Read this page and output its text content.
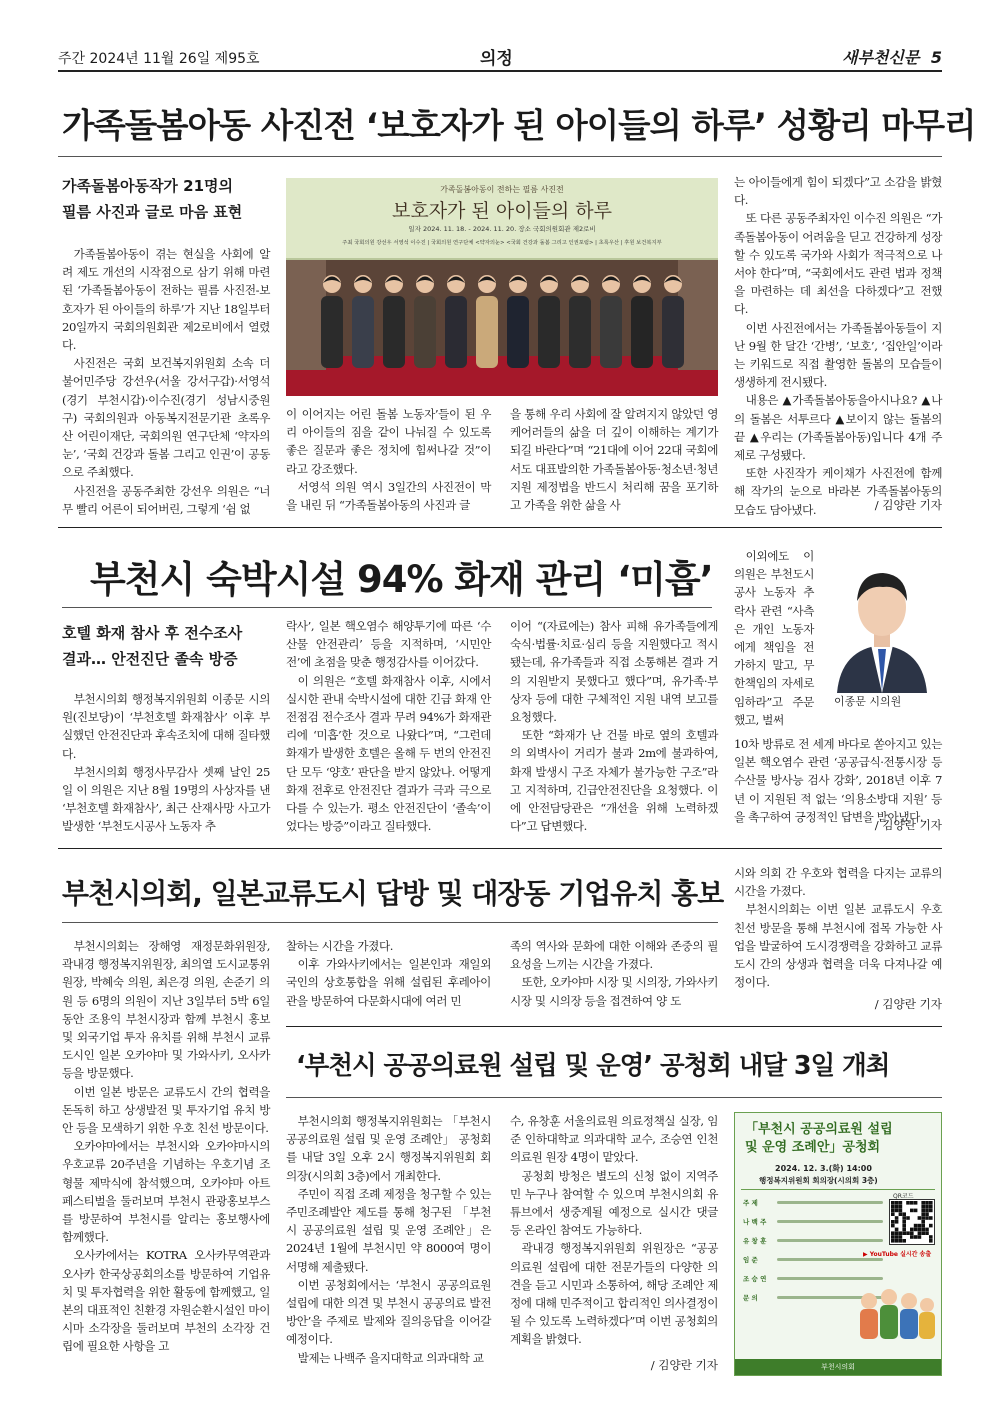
주간 2024년 11월 26일 제95호	의정	새부천신문 5
가족돌봄아동 사진전 ‘보호자가 된 아이들의 하루’ 성황리 마무리
가족돌봄아동작가 21명의
필름 사진과 글로 마음 표현

가족돌봄아동이 겪는 현실을 사회에 알려 제도 개선의 시작점으로 삼기 위해 마련된 ‘가족돌봄아동이 전하는 필름 사진전-보호자가 된 아이들의 하루’가 지난 18일부터 20일까지 국회의원회관 제2로비에서 열렸다.

사진전은 국회 보건복지위원회 소속 더불어민주당 강선우(서울 강서구갑)·서영석(경기 부천시갑)·이수진(경기 성남시중원구) 국회의원과 아동복지전문기관 초록우산 어린이재단, 국회의원 연구단체 ‘약자의눈’, ‘국회 건강과 돌봄 그리고 인권’이 공동으로 주최했다.

사진전을 공동주최한 강선우 의원은 “너무 빨리 어른이 되어버린, 그렇게 ‘쉼 없

가족돌봄아동이 전하는 필름 사진전
보호자가 된 아이들의 하루
일자 2024. 11. 18. - 2024. 11. 20. 장소 국회의원회관 제2로비
주최 국회의원 강선우 서영석 이수진 | 국회의원 연구단체 <약자의눈> <국회 건강과 돌봄 그리고 인권포럼> | 초록우산 | 후원 보건복지부

이 이어지는 어린 돌봄 노동자’들이 된 우리 아이들의 짐을 같이 나눠질 수 있도록 좋은 질문과 좋은 정치에 힘써나갈 것”이라고 강조했다.

서영석 의원 역시 3일간의 사진전이 막을 내린 뒤 “가족돌봄아동의 사진과 글

을 통해 우리 사회에 잘 알려지지 않았던 영케어러들의 삶을 더 깊이 이해하는 계기가 되길 바란다”며 “21대에 이어 22대 국회에서도 대표발의한 가족돌봄아동·청소년·청년 지원 제정법을 반드시 처리해 꿈을 포기하고 가족을 위한 삶을 사

는 아이들에게 힘이 되겠다”고 소감을 밝혔다.

또 다른 공동주최자인 이수진 의원은 “가족돌봄아동이 어려움을 딛고 건강하게 성장할 수 있도록 국가와 사회가 적극적으로 나서야 한다”며, “국회에서도 관련 법과 정책을 마련하는 데 최선을 다하겠다”고 전했다.

이번 사진전에서는 가족돌봄아동들이 지난 9월 한 달간 ‘간병’, ‘보호’, ‘집안일’이라는 키워드로 직접 촬영한 돌봄의 모습들이 생생하게 전시됐다.

내용은 ▲가족돌봄아동을아시나요? ▲나의 돌봄은 서투르다 ▲보이지 않는 돌봄의 끝 ▲우리는 (가족돌봄아동)입니다 4개 주제로 구성됐다.

또한 사진작가 케이채가 사진전에 함께 해 작가의 눈으로 바라본 가족돌봄아동의 모습도 담아냈다.	/ 김양란 기자
부천시 숙박시설 94% 화재 관리 ‘미흡’
호텔 화재 참사 후 전수조사
결과… 안전진단 졸속 방증

부천시의회 행정복지위원회 이종문 시의원(진보당)이 ‘부천호텔 화재참사’ 이후 부실했던 안전진단과 후속조치에 대해 질타했다.

부천시의회 행정사무감사 셋째 날인 25일 이 의원은 지난 8월 19명의 사상자를 낸 ‘부천호텔 화재참사’, 최근 산재사망 사고가 발생한 ‘부천도시공사 노동자 추

락사’, 일본 핵오염수 해양투기에 따른 ‘수산물 안전관리’ 등을 지적하며, ‘시민안전’에 초점을 맞춘 행정감사를 이어갔다.

이 의원은 “호텔 화재참사 이후, 시에서 실시한 관내 숙박시설에 대한 긴급 화재 안전점검 전수조사 결과 무려 94%가 화재관리에 ‘미흡’한 것으로 나왔다”며, “그런데 화재가 발생한 호텔은 올해 두 번의 안전진단 모두 ‘양호’ 판단을 받지 않았나. 어떻게 화재 전후로 안전진단 결과가 극과 극으로 다를 수 있는가. 평소 안전진단이 ‘졸속’이었다는 방증”이라고 질타했다.

이어 “(자료에는) 참사 피해 유가족들에게 숙식·법률·치료·심리 등을 지원했다고 적시됐는데, 유가족들과 직접 소통해본 결과 거의 지원받지 못했다고 했다”며, 유가족·부상자 등에 대한 구체적인 지원 내역 보고를 요청했다.

또한 “화재가 난 건물 바로 옆의 호텔과의 외벽사이 거리가 불과 2m에 불과하여, 화재 발생시 구조 자체가 불가능한 구조”라고 지적하며, 긴급안전진단을 요청했다. 이에 안전담당관은 “개선을 위해 노력하겠다”고 답변했다.

이외에도 이 의원은 부천도시공사 노동자 추락사 관련 “사측은 개인 노동자에게 책임을 전가하지 말고, 무한책임의 자세로 임하라”고 주문했고, 벌써

이종문 시의원

10차 방류로 전 세계 바다로 쏟아지고 있는 일본 핵오염수 관련 ‘공공급식·전통시장 등 수산물 방사능 검사 강화’, 2018년 이후 7년 이 지원된 적 없는 ‘의용소방대 지원’ 등을 촉구하여 긍정적인 답변을 받아냈다.

/ 김양란 기자
부천시의회, 일본교류도시 답방 및 대장동 기업유치 홍보

부천시의회는 장해영 재정문화위원장, 곽내경 행정복지위원장, 최의열 도시교통위원장, 박혜숙 의원, 최은경 의원, 손준기 의원 등 6명의 의원이 지난 3일부터 5박 6일 동안 조용익 부천시장과 함께 부천시 홍보 및 외국기업 투자 유치를 위해 부천시 교류도시인 일본 오카야마 및 가와사키, 오사카 등을 방문했다.

이번 일본 방문은 교류도시 간의 협력을 돈독히 하고 상생발전 및 투자기업 유치 방안 등을 모색하기 위한 우호 친선 방문이다.

오카야마에서는 부천시와 오카야마시의 우호교류 20주년을 기념하는 우호기념 조형물 제막식에 참석했으며, 오카야마 아트페스티벌을 둘러보며 부천시 관광홍보부스를 방문하여 부천시를 알리는 홍보행사에 함께했다.

오사카에서는 KOTRA 오사카무역관과 오사카 한국상공회의소를 방문하여 기업유치 및 투자협력을 위한 활동에 함께했고, 일본의 대표적인 친환경 자원순환시설인 마이시마 소각장을 둘러보며 부천의 소각장 건립에 필요한 사항을 고

찰하는 시간을 가졌다.

이후 가와사키에서는 일본인과 재일외국인의 상호통합을 위해 설립된 후레아이관을 방문하여 다문화시대에 여러 민

족의 역사와 문화에 대한 이해와 존중의 필요성을 느끼는 시간을 가졌다.

또한, 오카야마 시장 및 시의장, 가와사키 시장 및 시의장 등을 접견하여 양 도

시와 의회 간 우호와 협력을 다지는 교류의 시간을 가졌다.

부천시의회는 이번 일본 교류도시 우호친선 방문을 통해 부천시에 접목 가능한 사업을 발굴하여 도시경쟁력을 강화하고 교류 도시 간의 상생과 협력을 더욱 다져나갈 예정이다.

/ 김양란 기자
‘부천시 공공의료원 설립 및 운영’ 공청회 내달 3일 개최

부천시의회 행정복지위원회는 「부천시 공공의료원 설립 및 운영 조례안」 공청회를 내달 3일 오후 2시 행정복지위원회 회의장(시의회 3층)에서 개최한다.

주민이 직접 조례 제정을 청구할 수 있는 주민조례발안 제도를 통해 청구된 「부천시 공공의료원 설립 및 운영 조례안」은 2024년 1월에 부천시민 약 8000여 명이 서명해 제출됐다.

이번 공청회에서는 ‘부천시 공공의료원 설립에 대한 의견 및 부천시 공공의료 발전 방안’을 주제로 발제와 질의응답을 이어갈 예정이다.

발제는 나백주 을지대학교 의과대학 교

수, 유창훈 서울의료원 의료정책실 실장, 임준 인하대학교 의과대학 교수, 조승연 인천의료원 원장 4명이 맡았다.

공청회 방청은 별도의 신청 없이 지역주민 누구나 참여할 수 있으며 부천시의회 유튜브에서 생중계될 예정으로 실시간 댓글 등 온라인 참여도 가능하다.

곽내경 행정복지위원회 위원장은 “공공의료원 설립에 대한 전문가들의 다양한 의견을 듣고 시민과 소통하여, 해당 조례안 제정에 대해 민주적이고 합리적인 의사결정이 될 수 있도록 노력하겠다”며 이번 공청회의 계획을 밝혔다.

/ 김양란 기자
「부천시 공공의료원 설립
및 운영 조례안」공청회
2024. 12. 3.(화) 14:00
행정복지위원회 회의장(시의회 3층)
주 제
나 백 주
유 창 훈
임 준
조 승 연
문 의
QR코드
▶ YouTube 실시간 송출
부천시의회
